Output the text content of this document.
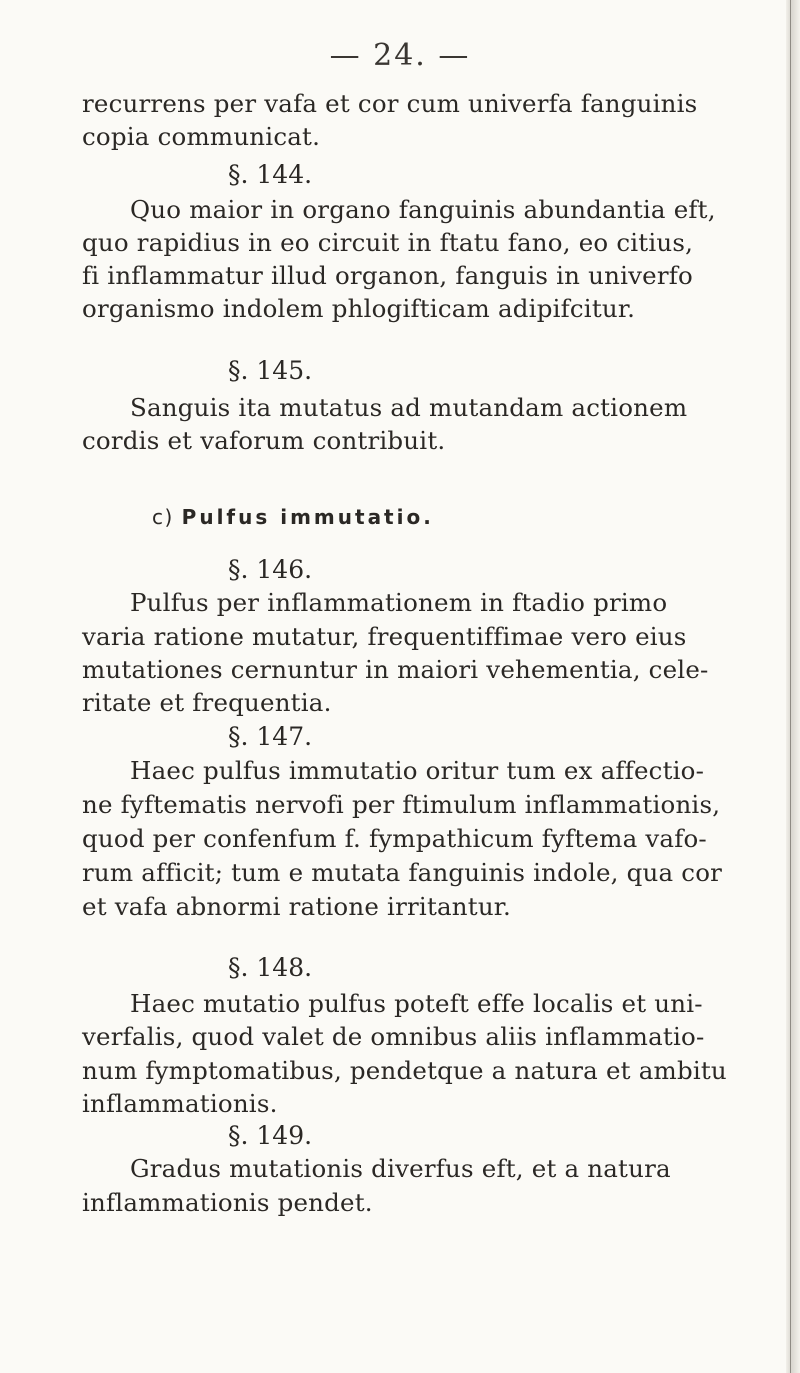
— 24. —
recurrens per vafa et cor cum univerfa fanguinis
copia communicat.
§. 144.
Quo maior in organo fanguinis abundantia eft,
quo rapidius in eo circuit in ftatu fano, eo citius,
fi inflammatur illud organon, fanguis in univerfo
organismo indolem phlogifticam adipifcitur.
§. 145.
Sanguis ita mutatus ad mutandam actionem
cordis et vaforum contribuit.
c) Pulfus immutatio.
§. 146.
Pulfus per inflammationem in ftadio primo
varia ratione mutatur, frequentiffimae vero eius
mutationes cernuntur in maiori vehementia, cele-
ritate et frequentia.
§. 147.
Haec pulfus immutatio oritur tum ex affectio-
ne fyftematis nervofi per ftimulum inflammationis,
quod per confenfum f. fympathicum fyftema vafo-
rum afficit; tum e mutata fanguinis indole, qua cor
et vafa abnormi ratione irritantur.
§. 148.
Haec mutatio pulfus poteft effe localis et uni-
verfalis, quod valet de omnibus aliis inflammatio-
num fymptomatibus, pendetque a natura et ambitu
inflammationis.
§. 149.
Gradus mutationis diverfus eft, et a natura
inflammationis pendet.
